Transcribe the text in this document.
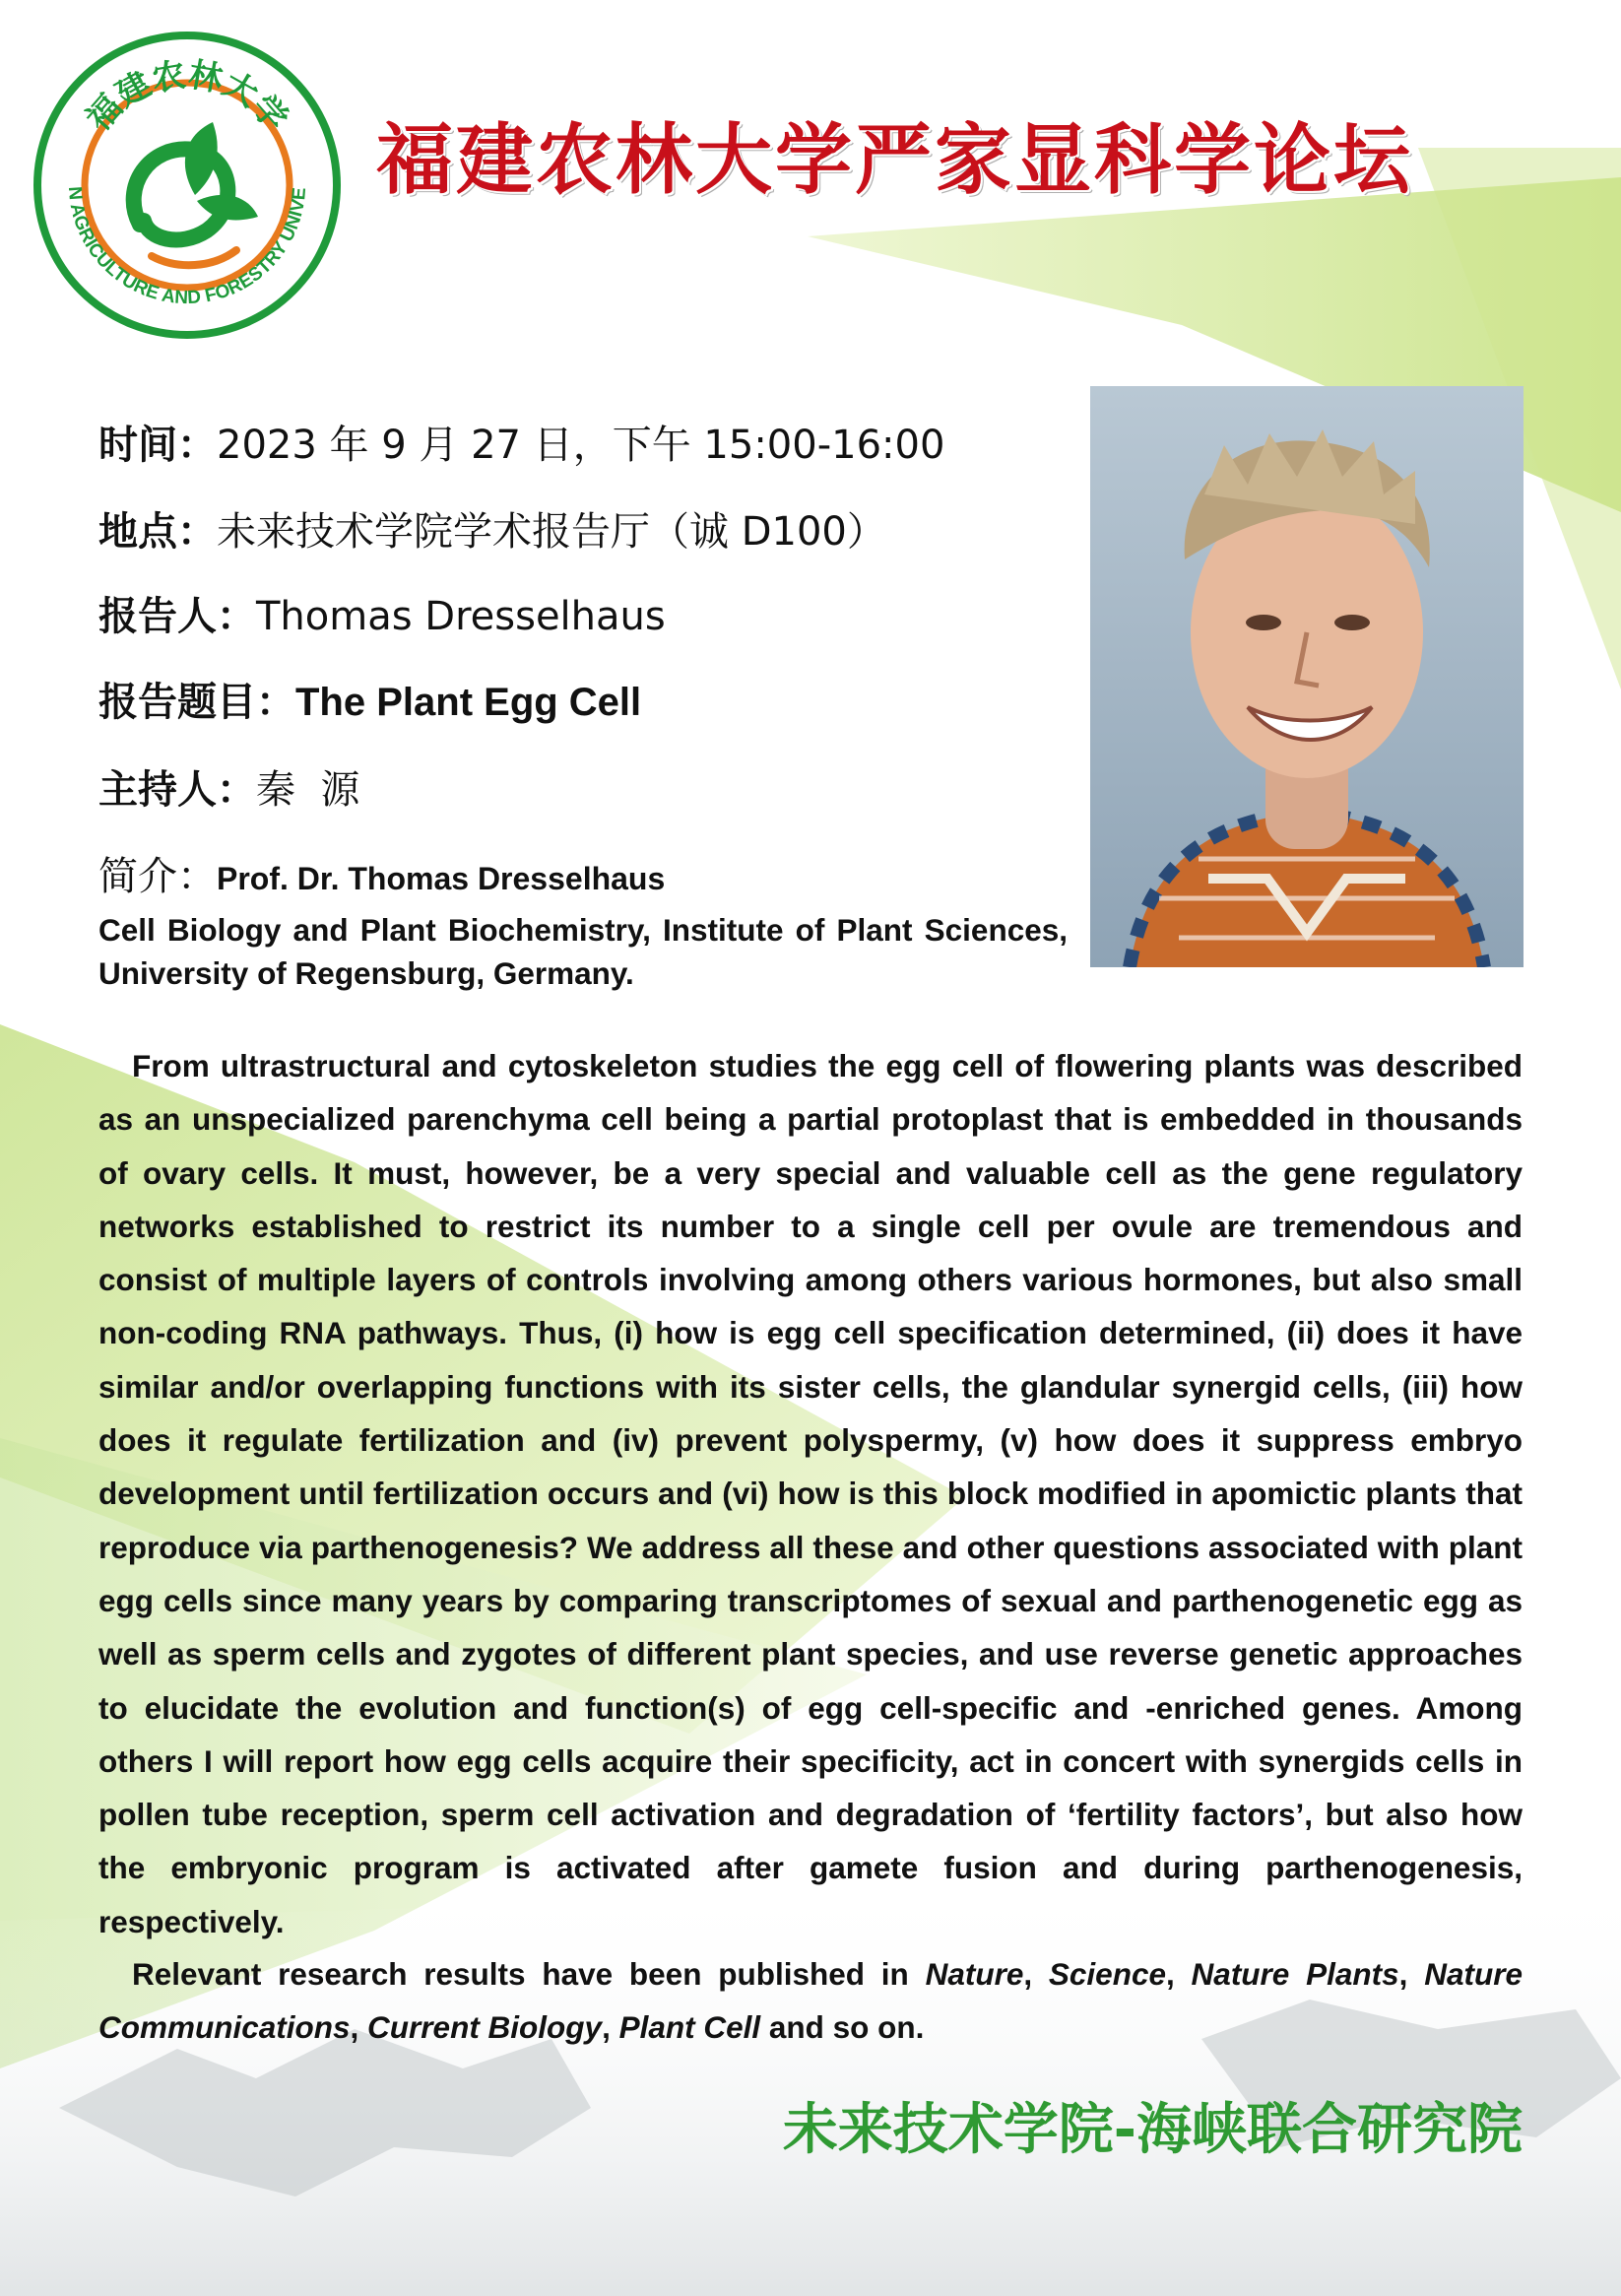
福建农林大学
N AGRICULTURE AND FORESTRY UNIVE 福建农林大学严家显科学论坛
时间：2023 年 9 月 27 日，下午 15:00-16:00
地点：未来技术学院学术报告厅（诚 D100）
报告人：Thomas Dresselhaus
报告题目：The Plant Egg Cell
主持人：秦  源
简介：Prof. Dr. Thomas Dresselhaus

Cell Biology and Plant Biochemistry, Institute of Plant Sciences, University of Regensburg, Germany.

From ultrastructural and cytoskeleton studies the egg cell of flowering plants was described as an unspecialized parenchyma cell being a partial protoplast that is embedded in thousands of ovary cells. It must, however, be a very special and valuable cell as the gene regulatory networks established to restrict its number to a single cell per ovule are tremendous and consist of multiple layers of controls involving among others various hormones, but also small non-coding RNA pathways. Thus, (i) how is egg cell specification determined, (ii) does it have similar and/or overlapping functions with its sister cells, the glandular synergid cells, (iii) how does it regulate fertilization and (iv) prevent polyspermy, (v) how does it suppress embryo development until fertilization occurs and (vi) how is this block modified in apomictic plants that reproduce via parthenogenesis? We address all these and other questions associated with plant egg cells since many years by comparing transcriptomes of sexual and parthenogenetic egg as well as sperm cells and zygotes of different plant species, and use reverse genetic approaches to elucidate the evolution and function(s) of egg cell-specific and -enriched genes. Among others I will report how egg cells acquire their specificity, act in concert with synergids cells in pollen tube reception, sperm cell activation and degradation of ‘fertility factors’, but also how the embryonic program is activated after gamete fusion and during parthenogenesis, respectively.

Relevant research results have been published in Nature, Science, Nature Plants, Nature Communications, Current Biology, Plant Cell and so on.

未来技术学院-海峡联合研究院
